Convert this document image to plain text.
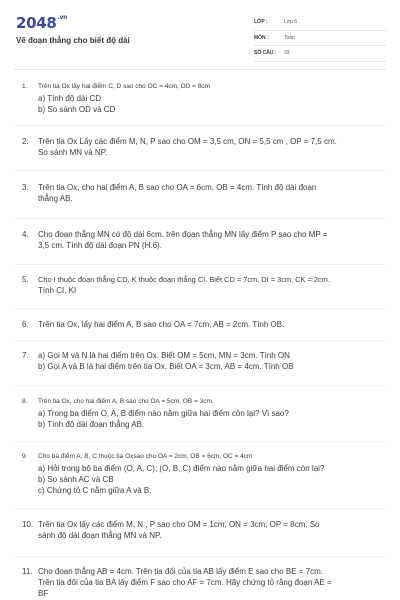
$2048^{.vn}$
Vẽ đoạn thẳng cho biết độ dài
LỚP :	Lớp 6
MÔN :	Toán
SỐ CÂU :	33
1. Trên tia Ox lấy hai điểm C, D sao cho OC = 4cm, OD = 8cm
a) Tính độ dài CD
b) So sánh OD và CD
2. Trên tia Ox Lấy các điểm M, N, P sao cho OM = 3,5 cm, ON = 5,5 cm , OP = 7,5 cm.
So sánh MN và NP.
3. Trên tia Ox, cho hai điểm A, B sao cho OA = 6cm, OB = 4cm. Tính độ dài đoạn
thẳng AB.
4. Cho đoạn thẳng MN có độ dài 6cm. trên đoạn thẳng MN lấy điểm P sao cho MP =
3,5 cm. Tính độ dài đoạn PN (H.6).
5. Cho I thuộc đoạn thẳng CD, K thuộc đoạn thẳng CI. Biết CD = 7cm, DI = 3cm, CK = 2cm.
Tính CI, KI
6. Trên tia Ox, lấy hai điểm A, B sao cho OA = 7cm, AB = 2cm. Tính OB.
7. a) Gọi M và N là hai điểm trên Ox. Biết OM = 5cm, MN = 3cm. Tính ON
b) Gọi A và B là hai điểm trên tia Ox. Biết OA = 3cm, AB = 4cm. Tính OB
8. Trên tia Ox, cho hai điểm A, B sao cho OA = 5cm, OB = 3cm.
a) Trong ba điểm O, A, B điểm nào nằm giữa hai điểm còn lại? Vì sao?
b) Tính độ dài đoạn thẳng AB.
9. Cho ba điểm A, B, C thuộc tia Oxsao cho OA = 2cm, OB = 6cm, OC = 4cm
a) Hỏi trong bộ ba điểm (O, A, C); (O, B, C) điểm nào nằm giữa hai điểm còn lại?
b) So sánh AC và CB
c) Chứng tỏ C nằm giữa A và B.
10. Trên tia Ox lấy các điểm M, N , P sao cho OM = 1cm; ON = 3cm; OP = 8cm. So
sánh độ dài đoạn thẳng MN và NP.
11. Cho đoạn thẳng AB = 4cm. Trên tia đối của tia AB lấy điểm E sao cho BE = 7cm.
Trên tia đối của tia BA lấy điểm F sao cho AF = 7cm. Hãy chứng tỏ rằng đoạn AE =
BF
